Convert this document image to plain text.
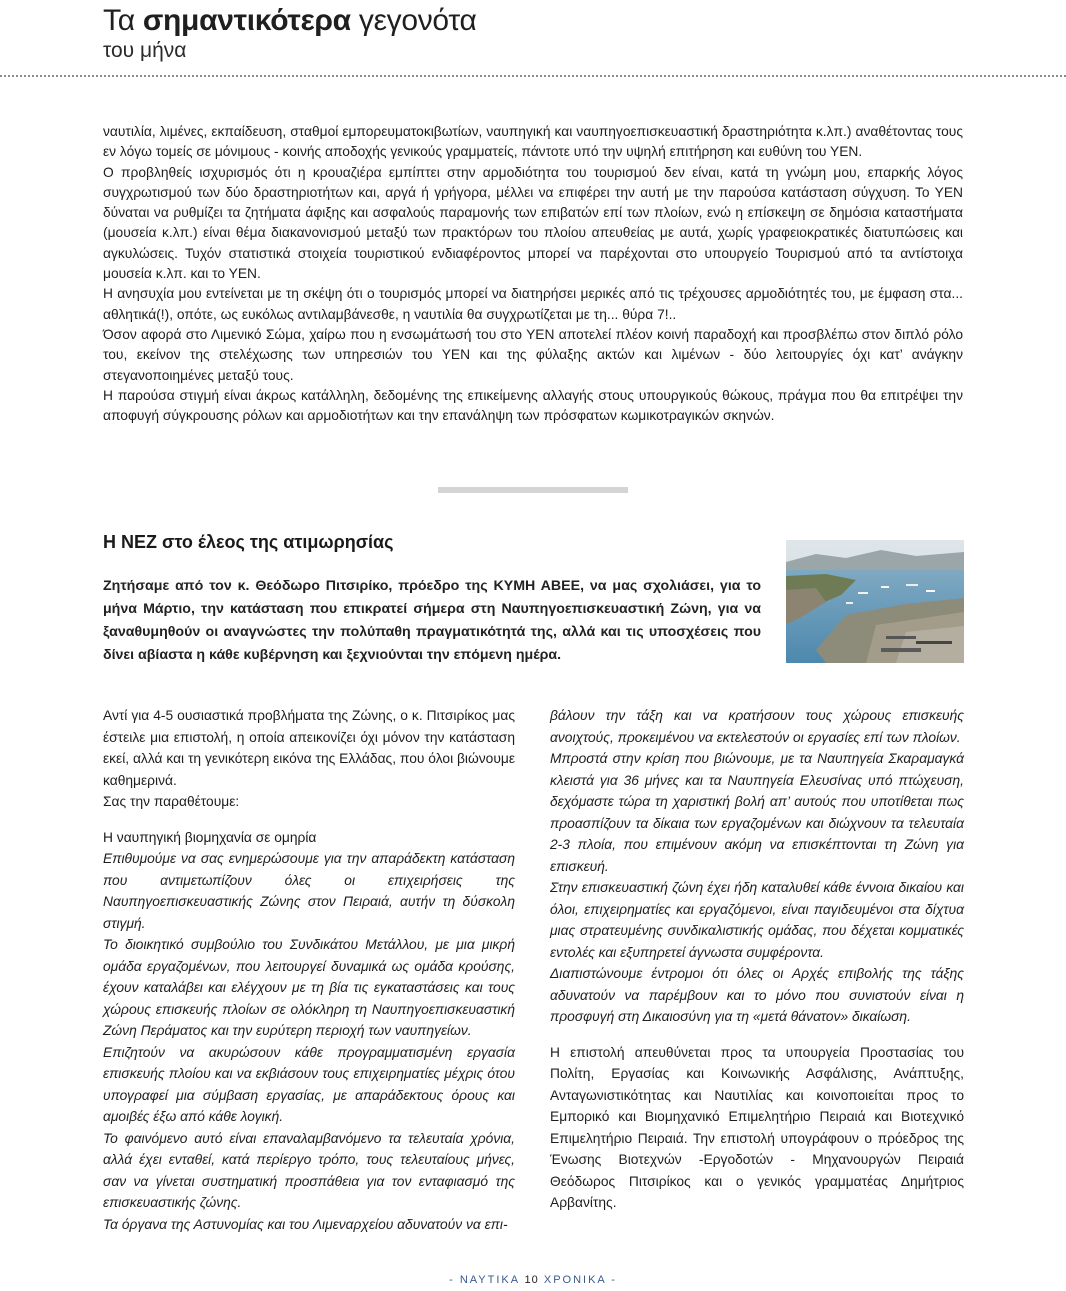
Τα σημαντικότερα γεγονότα
του μήνα

ναυτιλία, λιμένες, εκπαίδευση, σταθμοί εμπορευματοκιβωτίων, ναυπηγική και ναυπηγοεπισκευαστική δραστηριότητα κ.λπ.) αναθέτοντας τους εν λόγω τομείς σε μόνιμους - κοινής αποδοχής γενικούς γραμματείς, πάντοτε υπό την υψηλή επιτήρηση και ευθύνη του ΥΕΝ.

Ο προβληθείς ισχυρισμός ότι η κρουαζιέρα εμπίπτει στην αρμοδιότητα του τουρισμού δεν είναι, κατά τη γνώμη μου, επαρκής λόγος συγχρωτισμού των δύο δραστηριοτήτων και, αργά ή γρήγορα, μέλλει να επιφέρει την αυτή με την παρούσα κατάσταση σύγχυση. Το ΥΕΝ δύναται να ρυθμίζει τα ζητήματα άφιξης και ασφαλούς παραμονής των επιβατών επί των πλοίων, ενώ η επίσκεψη σε δημόσια καταστήματα (μουσεία κ.λπ.) είναι θέμα διακανονισμού μεταξύ των πρακτόρων του πλοίου απευθείας με αυτά, χωρίς γραφειοκρατικές διατυπώσεις και αγκυλώσεις. Τυχόν στατιστικά στοιχεία τουριστικού ενδιαφέροντος μπορεί να παρέχονται στο υπουργείο Τουρισμού από τα αντίστοιχα μουσεία κ.λπ. και το ΥΕΝ.

Η ανησυχία μου εντείνεται με τη σκέψη ότι ο τουρισμός μπορεί να διατηρήσει μερικές από τις τρέχουσες αρμοδιότητές του, με έμφαση στα... αθλητικά(!), οπότε, ως ευκόλως αντιλαμβάνεσθε, η ναυτιλία θα συγχρωτίζεται με τη... θύρα 7!..

Όσον αφορά στο Λιμενικό Σώμα, χαίρω που η ενσωμάτωσή του στο ΥΕΝ αποτελεί πλέον κοινή παραδοχή και προσβλέπω στον διπλό ρόλο του, εκείνον της στελέχωσης των υπηρεσιών του ΥΕΝ και της φύλαξης ακτών και λιμένων - δύο λειτουργίες όχι κατ’ ανάγκην στεγανοποιημένες μεταξύ τους.

Η παρούσα στιγμή είναι άκρως κατάλληλη, δεδομένης της επικείμενης αλλαγής στους υπουργικούς θώκους, πράγμα που θα επιτρέψει την αποφυγή σύγκρουσης ρόλων και αρμοδιοτήτων και την επανάληψη των πρόσφατων κωμικοτραγικών σκηνών.

Η ΝΕΖ στο έλεος της ατιμωρησίας
Ζητήσαμε από τον κ. Θεόδωρο Πιτσιρίκο, πρόεδρο της ΚΥΜΗ ΑΒΕΕ, να μας σχολιάσει, για το μήνα Μάρτιο, την κατάσταση που επικρατεί σήμερα στη Ναυπηγοεπισκευαστική Ζώνη, για να ξαναθυμηθούν οι αναγνώστες την πολύπαθη πραγματικότητά της, αλλά και τις υποσχέσεις που δίνει αβίαστα η κάθε κυβέρνηση και ξεχνιούνται την επόμενη ημέρα.

Αντί για 4-5 ουσιαστικά προβλήματα της Ζώνης, ο κ. Πιτσιρίκος μας έστειλε μια επιστολή, η οποία απεικονίζει όχι μόνον την κατάσταση εκεί, αλλά και τη γενικότερη εικόνα της Ελλάδας, που όλοι βιώνουμε καθημερινά.

Σας την παραθέτουμε:

Η ναυπηγική βιομηχανία σε ομηρία

Επιθυμούμε να σας ενημερώσουμε για την απαράδεκτη κατάσταση που αντιμετωπίζουν όλες οι επιχειρήσεις της Ναυπηγοεπισκευαστικής Ζώνης στον Πειραιά, αυτήν τη δύσκολη στιγμή.

Το διοικητικό συμβούλιο του Συνδικάτου Μετάλλου, με μια μικρή ομάδα εργαζομένων, που λειτουργεί δυναμικά ως ομάδα κρούσης, έχουν καταλάβει και ελέγχουν με τη βία τις εγκαταστάσεις και τους χώρους επισκευής πλοίων σε ολόκληρη τη Ναυπηγοεπισκευαστική Ζώνη Περάματος και την ευρύτερη περιοχή των ναυπηγείων.

Επιζητούν να ακυρώσουν κάθε προγραμματισμένη εργασία επισκευής πλοίου και να εκβιάσουν τους επιχειρηματίες μέχρις ότου υπογραφεί μια σύμβαση εργασίας, με απαράδεκτους όρους και αμοιβές έξω από κάθε λογική.

Το φαινόμενο αυτό είναι επαναλαμβανόμενο τα τελευταία χρόνια, αλλά έχει ενταθεί, κατά περίεργο τρόπο, τους τελευταίους μήνες, σαν να γίνεται συστηματική προσπάθεια για τον ενταφιασμό της επισκευαστικής ζώνης.

Τα όργανα της Αστυνομίας και του Λιμεναρχείου αδυνατούν να επι-

βάλουν την τάξη και να κρατήσουν τους χώρους επισκευής ανοιχτούς, προκειμένου να εκτελεστούν οι εργασίες επί των πλοίων.

Μπροστά στην κρίση που βιώνουμε, με τα Ναυπηγεία Σκαραμαγκά κλειστά για 36 μήνες και τα Ναυπηγεία Ελευσίνας υπό πτώχευση, δεχόμαστε τώρα τη χαριστική βολή απ’ αυτούς που υποτίθεται πως προασπίζουν τα δίκαια των εργαζομένων και διώχνουν τα τελευταία 2-3 πλοία, που επιμένουν ακόμη να επισκέπτονται τη Ζώνη για επισκευή.

Στην επισκευαστική ζώνη έχει ήδη καταλυθεί κάθε έννοια δικαίου και όλοι, επιχειρηματίες και εργαζόμενοι, είναι παγιδευμένοι στα δίχτυα μιας στρατευμένης συνδικαλιστικής ομάδας, που δέχεται κομματικές εντολές και εξυπηρετεί άγνωστα συμφέροντα.

Διαπιστώνουμε έντρομοι ότι όλες οι Αρχές επιβολής της τάξης αδυνατούν να παρέμβουν και το μόνο που συνιστούν είναι η προσφυγή στη Δικαιοσύνη για τη «μετά θάνατον» δικαίωση.

Η επιστολή απευθύνεται προς τα υπουργεία Προστασίας του Πολίτη, Εργασίας και Κοινωνικής Ασφάλισης, Ανάπτυξης, Ανταγωνιστικότητας και Ναυτιλίας και κοινοποιείται προς το Εμπορικό και Βιομηχανικό Επιμελητήριο Πειραιά και Βιοτεχνικό Επιμελητήριο Πειραιά. Την επιστολή υπογράφουν ο πρόεδρος της Ένωσης Βιοτεχνών -Εργοδοτών - Μηχανουργών Πειραιά Θεόδωρος Πιτσιρίκος και ο γενικός γραμματέας Δημήτριος Αρβανίτης.

- ΝΑΥΤΙΚΑ 10 ΧΡΟΝΙΚΑ -
